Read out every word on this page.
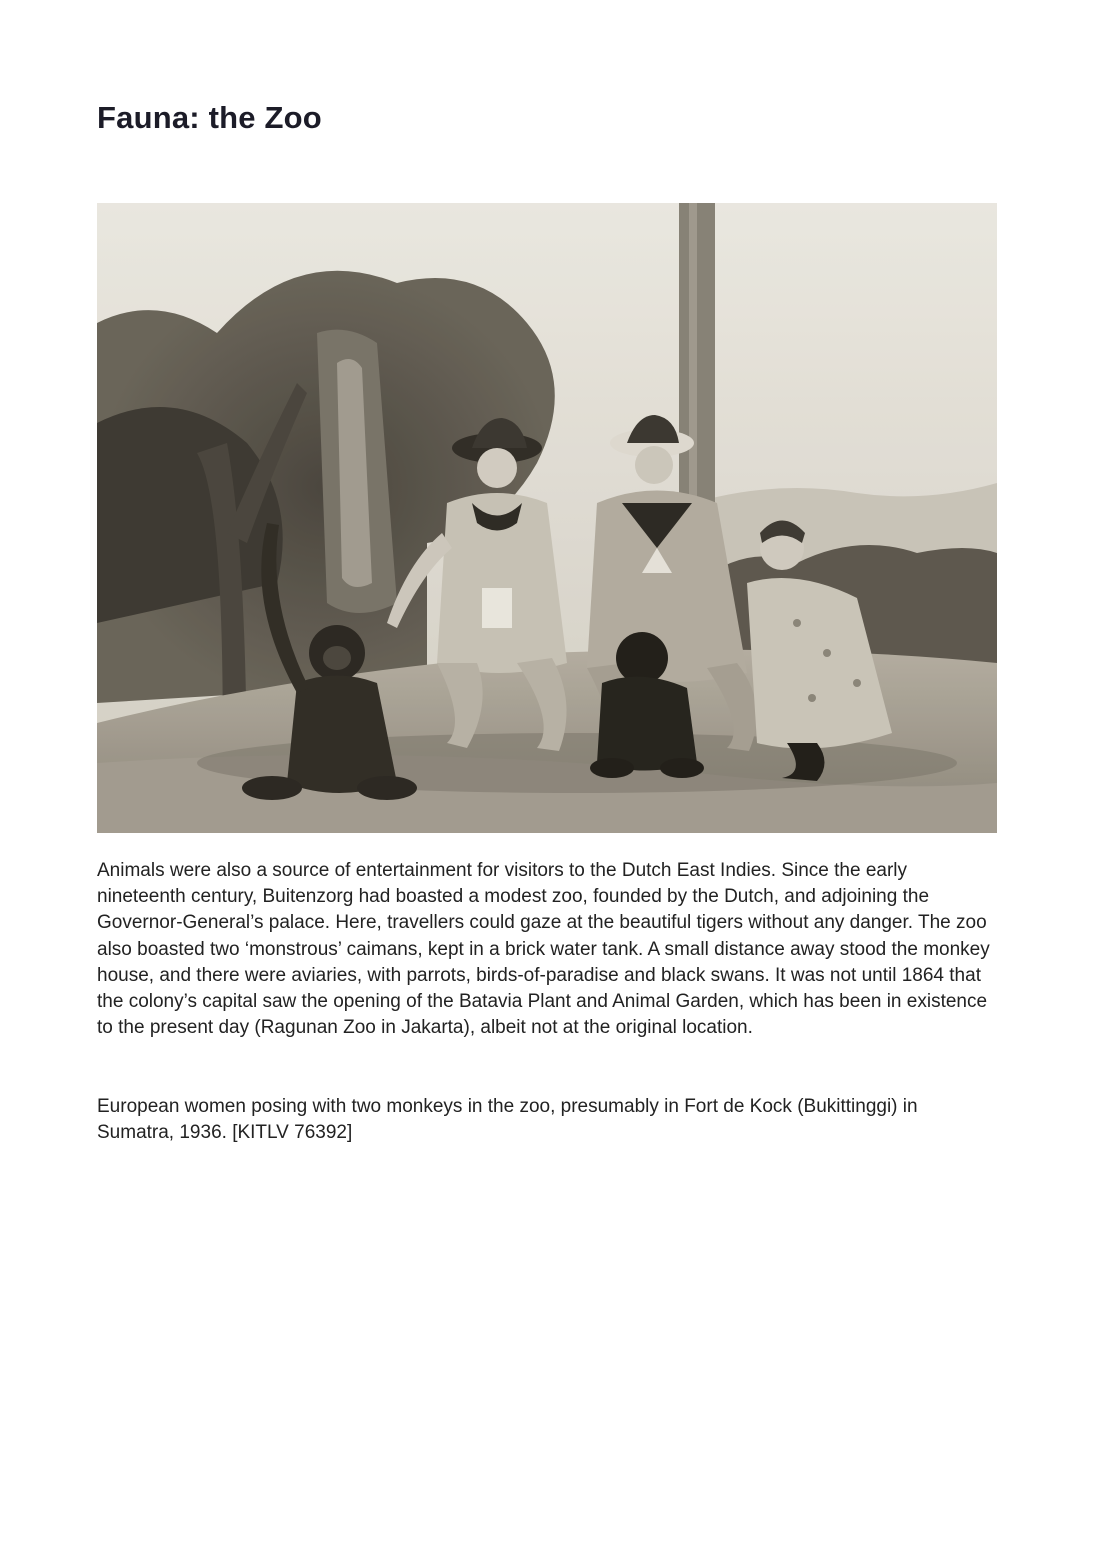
Fauna: the Zoo

Animals were also a source of entertainment for visitors to the Dutch East Indies. Since the early nineteenth century, Buitenzorg had boasted a modest zoo, founded by the Dutch, and adjoining the Governor-General’s palace. Here, travellers could gaze at the beautiful tigers without any danger. The zoo also boasted two ‘monstrous’ caimans, kept in a brick water tank. A small distance away stood the monkey house, and there were aviaries, with parrots, birds-of-paradise and black swans. It was not until 1864 that the colony’s capital saw the opening of the Batavia Plant and Animal Garden, which has been in existence to the present day (Ragunan Zoo in Jakarta), albeit not at the original location.

European women posing with two monkeys in the zoo, presumably in Fort de Kock (Bukittinggi) in Sumatra, 1936. [KITLV 76392]
